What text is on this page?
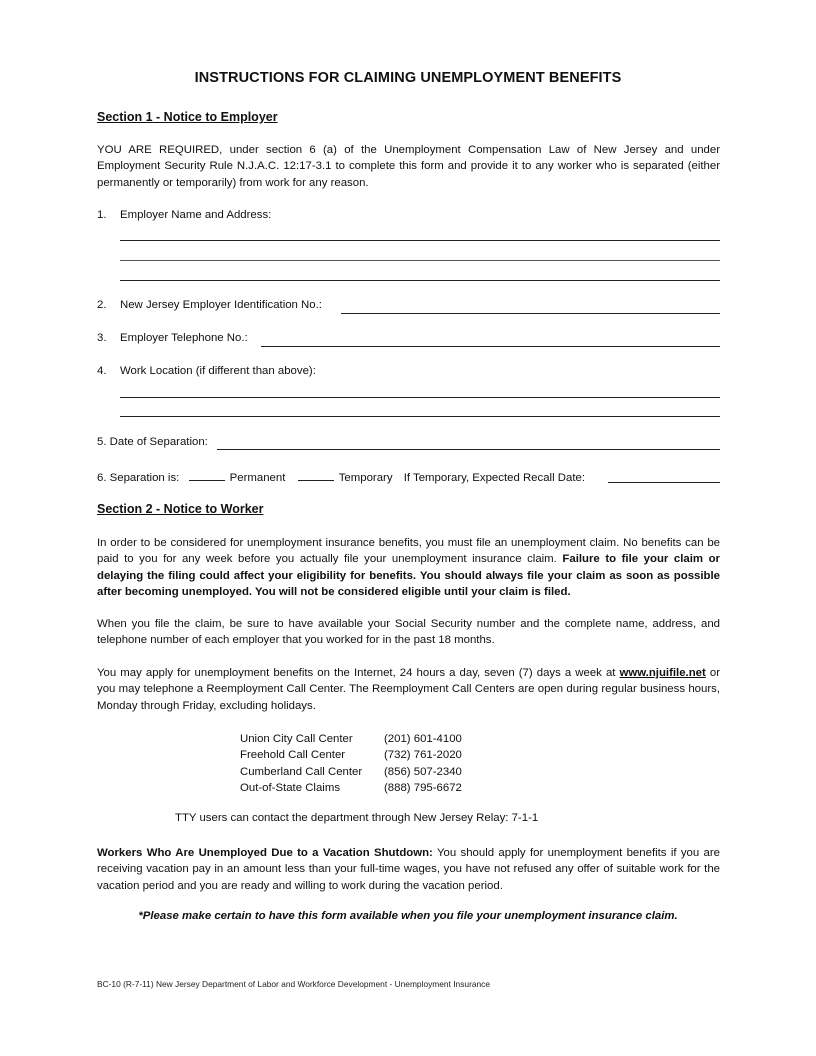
INSTRUCTIONS FOR CLAIMING UNEMPLOYMENT BENEFITS
Section 1 - Notice to Employer
YOU ARE REQUIRED, under section 6 (a) of the Unemployment Compensation Law of New Jersey and under Employment Security Rule N.J.A.C. 12:17-3.1 to complete this form and provide it to any worker who is separated (either permanently or temporarily) from work for any reason.
1. Employer Name and Address:
2. New Jersey Employer Identification No.:
3. Employer Telephone No.:
4. Work Location (if different than above):
5. Date of Separation:
6. Separation is:	Permanent	Temporary If Temporary, Expected Recall Date:
Section 2 - Notice to Worker
In order to be considered for unemployment insurance benefits, you must file an unemployment claim. No benefits can be paid to you for any week before you actually file your unemployment insurance claim. Failure to file your claim or delaying the filing could affect your eligibility for benefits. You should always file your claim as soon as possible after becoming unemployed. You will not be considered eligible until your claim is filed.
When you file the claim, be sure to have available your Social Security number and the complete name, address, and telephone number of each employer that you worked for in the past 18 months.
You may apply for unemployment benefits on the Internet, 24 hours a day, seven (7) days a week at www.njuifile.net or you may telephone a Reemployment Call Center. The Reemployment Call Centers are open during regular business hours, Monday through Friday, excluding holidays.
Union City Call Center	(201) 601-4100
Freehold Call Center	(732) 761-2020
Cumberland Call Center	(856) 507-2340
Out-of-State Claims	(888) 795-6672
TTY users can contact the department through New Jersey Relay: 7-1-1
Workers Who Are Unemployed Due to a Vacation Shutdown: You should apply for unemployment benefits if you are receiving vacation pay in an amount less than your full-time wages, you have not refused any offer of suitable work for the vacation period and you are ready and willing to work during the vacation period.
*Please make certain to have this form available when you file your unemployment insurance claim.
BC-10 (R-7-11) New Jersey Department of Labor and Workforce Development - Unemployment Insurance
